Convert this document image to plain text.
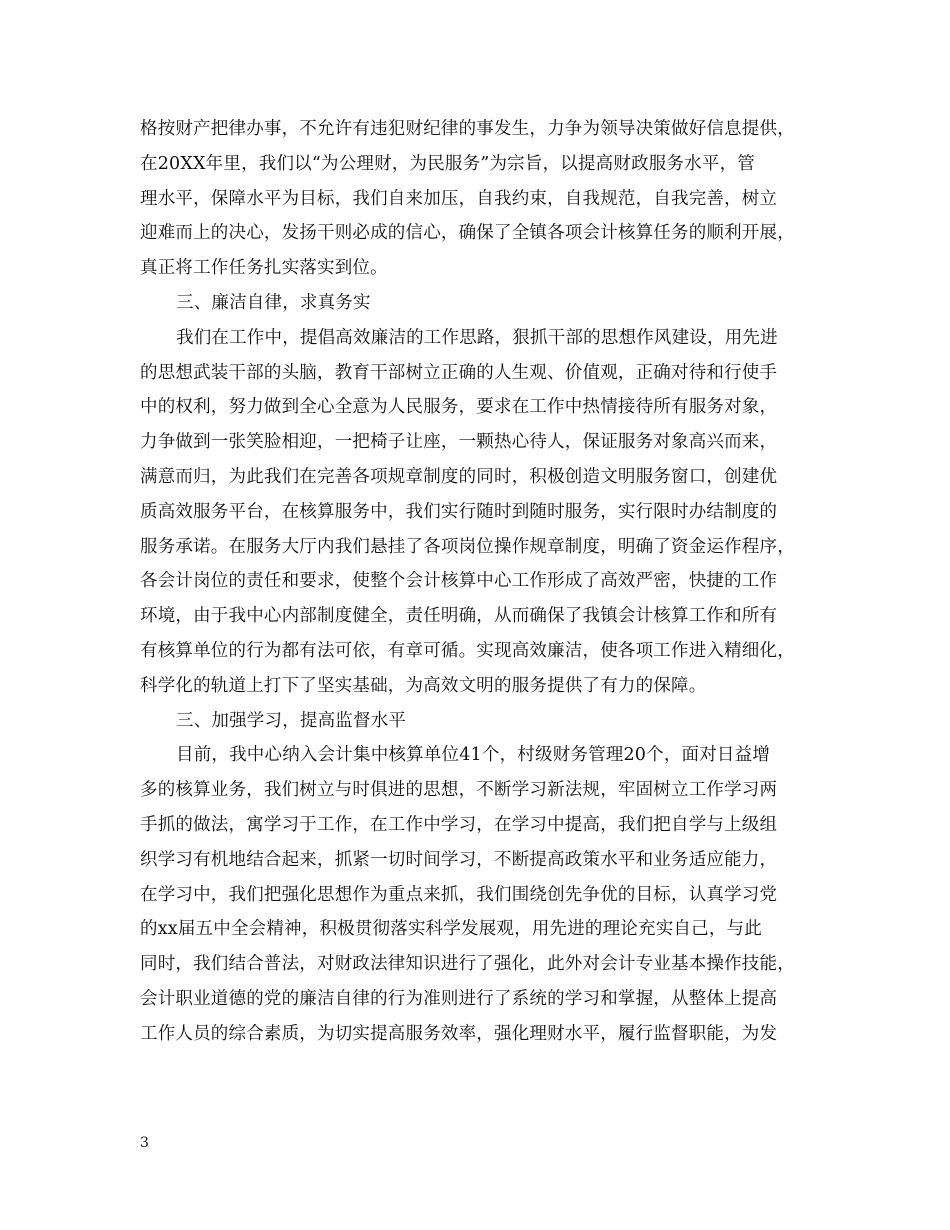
格按财产把律办事，不允许有违犯财纪律的事发生，力争为领导决策做好信息提供，
在20XX年里，我们以“为公理财，为民服务”为宗旨，以提高财政服务水平，管
理水平，保障水平为目标，我们自来加压，自我约束，自我规范，自我完善，树立
迎难而上的决心，发扬干则必成的信心，确保了全镇各项会计核算任务的顺利开展，
真正将工作任务扎实落实到位。
三、廉洁自律，求真务实
我们在工作中，提倡高效廉洁的工作思路，狠抓干部的思想作风建设，用先进
的思想武装干部的头脑，教育干部树立正确的人生观、价值观，正确对待和行使手
中的权利，努力做到全心全意为人民服务，要求在工作中热情接待所有服务对象，
力争做到一张笑脸相迎，一把椅子让座，一颗热心待人，保证服务对象高兴而来，
满意而归，为此我们在完善各项规章制度的同时，积极创造文明服务窗口，创建优
质高效服务平台，在核算服务中，我们实行随时到随时服务，实行限时办结制度的
服务承诺。在服务大厅内我们悬挂了各项岗位操作规章制度，明确了资金运作程序，
各会计岗位的责任和要求，使整个会计核算中心工作形成了高效严密，快捷的工作
环境，由于我中心内部制度健全，责任明确，从而确保了我镇会计核算工作和所有
有核算单位的行为都有法可依，有章可循。实现高效廉洁，使各项工作进入精细化，
科学化的轨道上打下了坚实基础，为高效文明的服务提供了有力的保障。
三、加强学习，提高监督水平
目前，我中心纳入会计集中核算单位41个，村级财务管理20个，面对日益增
多的核算业务，我们树立与时俱进的思想，不断学习新法规，牢固树立工作学习两
手抓的做法，寓学习于工作，在工作中学习，在学习中提高，我们把自学与上级组
织学习有机地结合起来，抓紧一切时间学习，不断提高政策水平和业务适应能力，
在学习中，我们把强化思想作为重点来抓，我们围绕创先争优的目标，认真学习党
的xx届五中全会精神，积极贯彻落实科学发展观，用先进的理论充实自己，与此
同时，我们结合普法，对财政法律知识进行了强化，此外对会计专业基本操作技能，
会计职业道德的党的廉洁自律的行为准则进行了系统的学习和掌握，从整体上提高
工作人员的综合素质，为切实提高服务效率，强化理财水平，履行监督职能，为发
3
